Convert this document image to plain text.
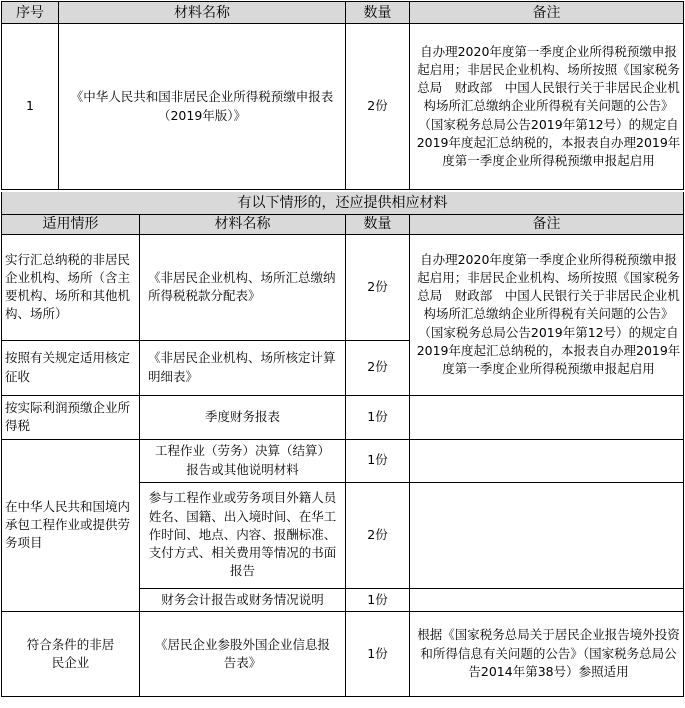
序号	材料名称	数量	备注
1	《中华人民共和国非居民企业所得税预缴申报表（2019年版）》	2份	自办理2020年度第一季度企业所得税预缴申报起启用；非居民企业机构、场所按照《国家税务总局　财政部　中国人民银行关于非居民企业机构场所汇总缴纳企业所得税有关问题的公告》（国家税务总局公告2019年第12号）的规定自2019年度起汇总纳税的，本报表自办理2019年度第一季度企业所得税预缴申报起启用
有以下情形的，还应提供相应材料			
适用情形	材料名称	数量	备注
实行汇总纳税的非居民企业机构、场所（含主要机构、场所和其他机构、场所）	《非居民企业机构、场所汇总缴纳所得税税款分配表》	2份	自办理2020年度第一季度企业所得税预缴申报起启用；非居民企业机构、场所按照《国家税务总局　财政部　中国人民银行关于非居民企业机构场所汇总缴纳企业所得税有关问题的公告》（国家税务总局公告2019年第12号）的规定自2019年度起汇总纳税的，本报表自办理2019年度第一季度企业所得税预缴申报起启用
按照有关规定适用核定征收	《非居民企业机构、场所核定计算明细表》	2份	
按实际利润预缴企业所得税	季度财务报表	1份	
在中华人民共和国境内承包工程作业或提供劳务项目	工程作业（劳务）决算（结算）报告或其他说明材料	1份	
	参与工程作业或劳务项目外籍人员姓名、国籍、出入境时间、在华工作时间、地点、内容、报酬标准、支付方式、相关费用等情况的书面报告	2份	
	财务会计报告或财务情况说明	1份	
符合条件的非居民企业	《居民企业参股外国企业信息报告表》	1份	根据《国家税务总局关于居民企业报告境外投资和所得信息有关问题的公告》（国家税务总局公告2014年第38号）参照适用
